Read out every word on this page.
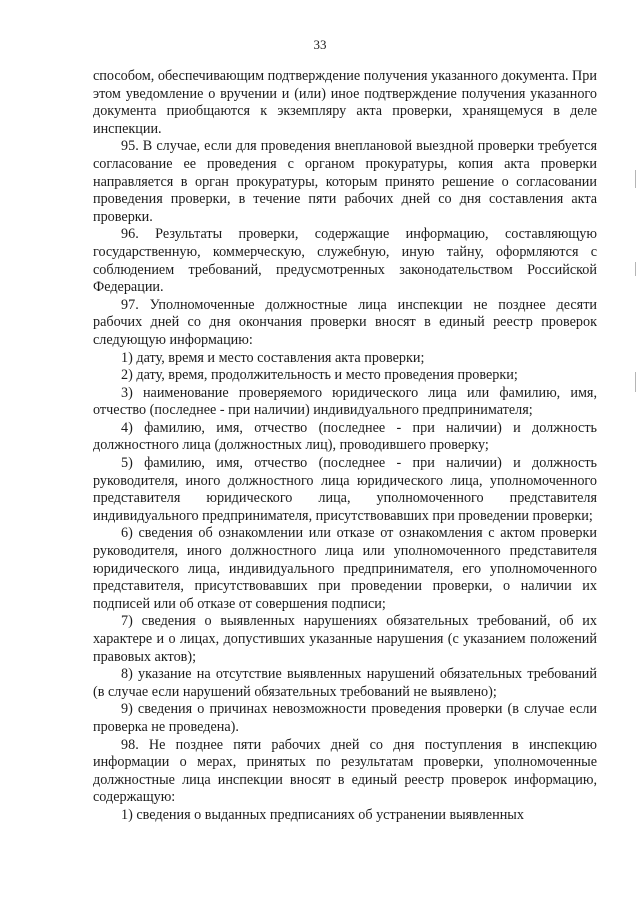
33

способом, обеспечивающим подтверждение получения указанного документа. При этом уведомление о вручении и (или) иное подтверждение получения указанного документа приобщаются к экземпляру акта проверки, хранящемуся в деле инспекции.

95. В случае, если для проведения внеплановой выездной проверки требуется согласование ее проведения с органом прокуратуры, копия акта проверки направляется в орган прокуратуры, которым принято решение о согласовании проведения проверки, в течение пяти рабочих дней со дня составления акта проверки.

96. Результаты проверки, содержащие информацию, составляющую государственную, коммерческую, служебную, иную тайну, оформляются с соблюдением требований, предусмотренных законодательством Российской Федерации.

97. Уполномоченные должностные лица инспекции не позднее десяти рабочих дней со дня окончания проверки вносят в единый реестр проверок следующую информацию:

1) дату, время и место составления акта проверки;

2) дату, время, продолжительность и место проведения проверки;

3) наименование проверяемого юридического лица или фамилию, имя, отчество (последнее - при наличии) индивидуального предпринимателя;

4) фамилию, имя, отчество (последнее - при наличии) и должность должностного лица (должностных лиц), проводившего проверку;

5) фамилию, имя, отчество (последнее - при наличии) и должность руководителя, иного должностного лица юридического лица, уполномоченного представителя юридического лица, уполномоченного представителя индивидуального предпринимателя, присутствовавших при проведении проверки;

6) сведения об ознакомлении или отказе от ознакомления с актом проверки руководителя, иного должностного лица или уполномоченного представителя юридического лица, индивидуального предпринимателя, его уполномоченного представителя, присутствовавших при проведении проверки, о наличии их подписей или об отказе от совершения подписи;

7) сведения о выявленных нарушениях обязательных требований, об их характере и о лицах, допустивших указанные нарушения (с указанием положений правовых актов);

8) указание на отсутствие выявленных нарушений обязательных требований (в случае если нарушений обязательных требований не выявлено);

9) сведения о причинах невозможности проведения проверки (в случае если проверка не проведена).

98. Не позднее пяти рабочих дней со дня поступления в инспекцию информации о мерах, принятых по результатам проверки, уполномоченные должностные лица инспекции вносят в единый реестр проверок информацию, содержащую:

1) сведения о выданных предписаниях об устранении выявленных
